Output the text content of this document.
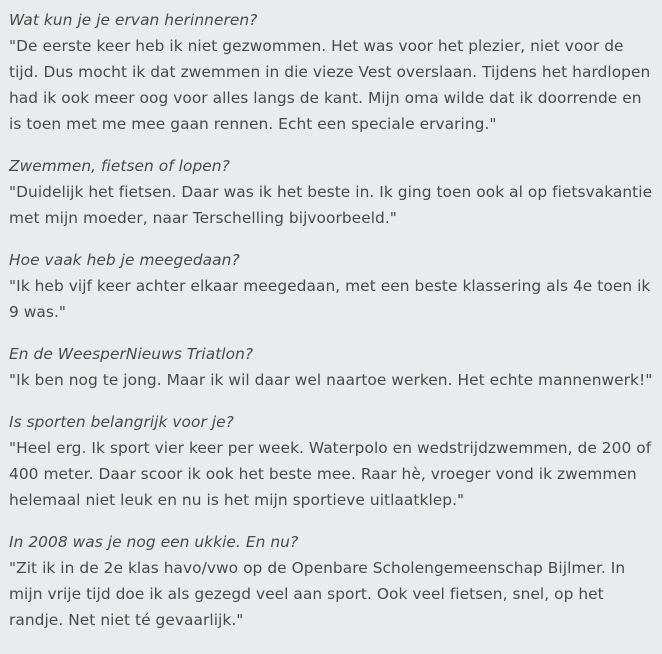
Wat kun je je ervan herinneren?

"De eerste keer heb ik niet gezwommen. Het was voor het plezier, niet voor de tijd. Dus mocht ik dat zwemmen in die vieze Vest overslaan. Tijdens het hardlopen had ik ook meer oog voor alles langs de kant. Mijn oma wilde dat ik doorrende en is toen met me mee gaan rennen. Echt een speciale ervaring."

Zwemmen, fietsen of lopen?

"Duidelijk het fietsen. Daar was ik het beste in. Ik ging toen ook al op fietsvakantie met mijn moeder, naar Terschelling bijvoorbeeld."

Hoe vaak heb je meegedaan?

"Ik heb vijf keer achter elkaar meegedaan, met een beste klassering als 4e toen ik 9 was."

En de WeesperNieuws Triatlon?

"Ik ben nog te jong. Maar ik wil daar wel naartoe werken. Het echte mannenwerk!"

Is sporten belangrijk voor je?

"Heel erg. Ik sport vier keer per week. Waterpolo en wedstrijdzwemmen, de 200 of 400 meter. Daar scoor ik ook het beste mee. Raar hè, vroeger vond ik zwemmen helemaal niet leuk en nu is het mijn sportieve uitlaatklep."

In 2008 was je nog een ukkie. En nu?

"Zit ik in de 2e klas havo/vwo op de Openbare Scholengemeenschap Bijlmer. In mijn vrije tijd doe ik als gezegd veel aan sport. Ook veel fietsen, snel, op het randje. Net niet té gevaarlijk."
